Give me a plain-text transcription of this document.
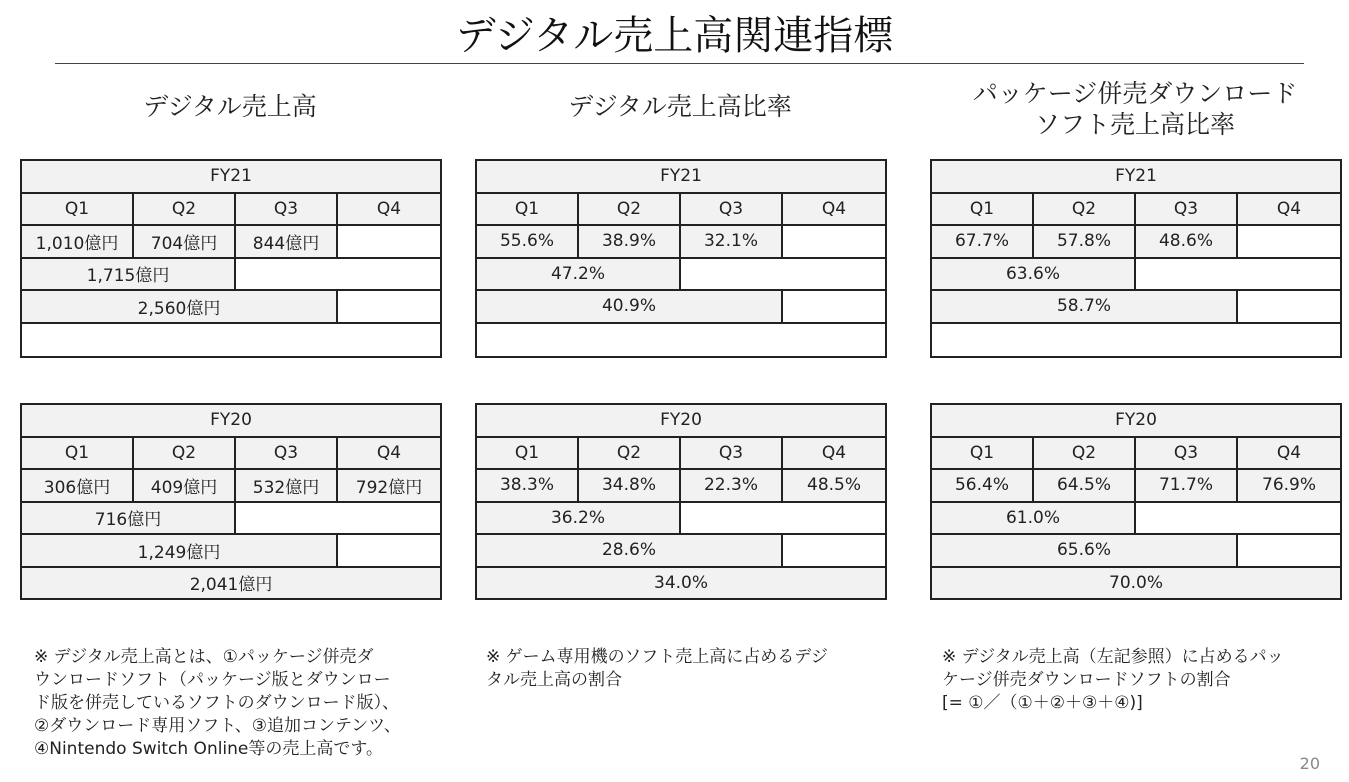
デジタル売上高関連指標
デジタル売上高
FY21			
Q1	Q2	Q3	Q4
1,010億円	704億円	844億円	
1,715億円			
2,560億円			

FY20			
Q1	Q2	Q3	Q4
306億円	409億円	532億円	792億円
716億円			
1,249億円			
2,041億円			
※ デジタル売上高とは、①パッケージ併売ダ
ウンロードソフト（パッケージ版とダウンロー
ド版を併売しているソフトのダウンロード版）、
②ダウンロード専用ソフト、③追加コンテンツ、
④Nintendo Switch Online等の売上高です。
デジタル売上高比率
FY21			
Q1	Q2	Q3	Q4
55.6%	38.9%	32.1%	
47.2%			
40.9%			

FY20			
Q1	Q2	Q3	Q4
38.3%	34.8%	22.3%	48.5%
36.2%			
28.6%			
34.0%			
※ ゲーム専用機のソフト売上高に占めるデジ
タル売上高の割合
パッケージ併売ダウンロード
ソフト売上高比率
FY21			
Q1	Q2	Q3	Q4
67.7%	57.8%	48.6%	
63.6%			
58.7%			

FY20			
Q1	Q2	Q3	Q4
56.4%	64.5%	71.7%	76.9%
61.0%			
65.6%			
70.0%			
※ デジタル売上高（左記参照）に占めるパッ
ケージ併売ダウンロードソフトの割合
[= ①／（①＋②＋③＋④)]
20
